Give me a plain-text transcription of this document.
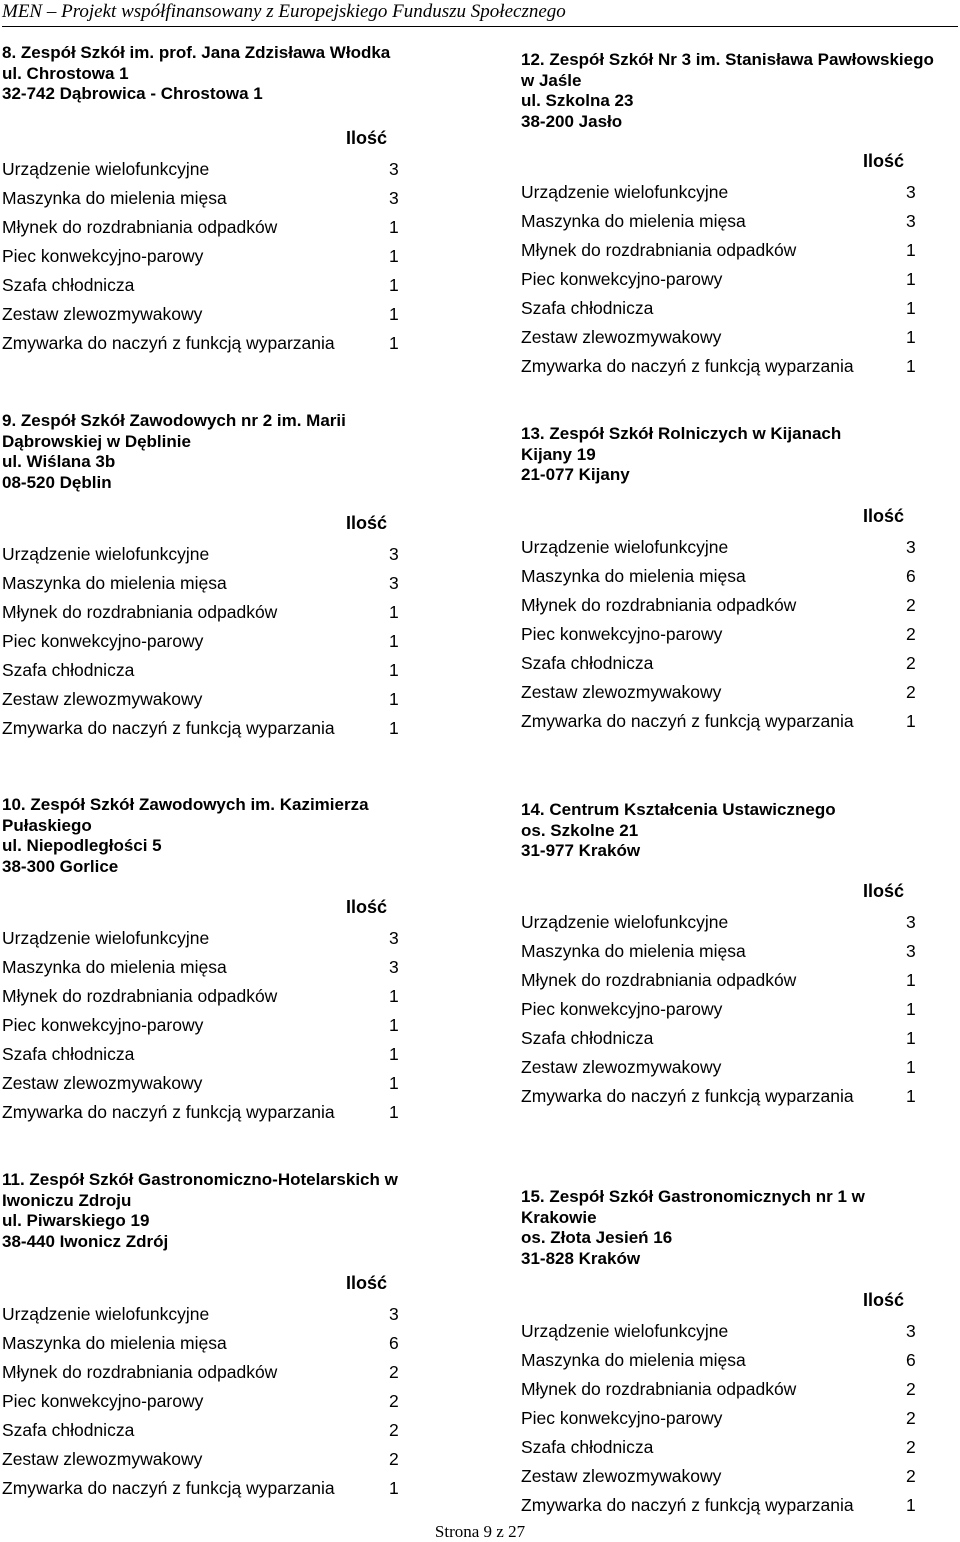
MEN – Projekt współfinansowany z Europejskiego Funduszu Społecznego
8. Zespół Szkół im. prof. Jana Zdzisława Włodka
ul. Chrostowa 1
32-742 Dąbrowica - Chrostowa 1
Ilość
Urządzenie wielofunkcyjne	3
Maszynka do mielenia mięsa	3
Młynek do rozdrabniania odpadków	1
Piec konwekcyjno-parowy	1
Szafa chłodnicza	1
Zestaw zlewozmywakowy	1
Zmywarka do naczyń z funkcją wyparzania	1
9. Zespół Szkół Zawodowych nr 2 im. Marii
Dąbrowskiej w Dęblinie
ul. Wiślana 3b
08-520 Dęblin
Ilość
Urządzenie wielofunkcyjne	3
Maszynka do mielenia mięsa	3
Młynek do rozdrabniania odpadków	1
Piec konwekcyjno-parowy	1
Szafa chłodnicza	1
Zestaw zlewozmywakowy	1
Zmywarka do naczyń z funkcją wyparzania	1
10. Zespół Szkół Zawodowych im. Kazimierza
Pułaskiego
ul. Niepodległości 5
38-300 Gorlice
Ilość
Urządzenie wielofunkcyjne	3
Maszynka do mielenia mięsa	3
Młynek do rozdrabniania odpadków	1
Piec konwekcyjno-parowy	1
Szafa chłodnicza	1
Zestaw zlewozmywakowy	1
Zmywarka do naczyń z funkcją wyparzania	1
11. Zespół Szkół Gastronomiczno-Hotelarskich w
Iwoniczu Zdroju
ul. Piwarskiego 19
38-440 Iwonicz Zdrój
Ilość
Urządzenie wielofunkcyjne	3
Maszynka do mielenia mięsa	6
Młynek do rozdrabniania odpadków	2
Piec konwekcyjno-parowy	2
Szafa chłodnicza	2
Zestaw zlewozmywakowy	2
Zmywarka do naczyń z funkcją wyparzania	1
12. Zespół Szkół Nr 3 im. Stanisława Pawłowskiego
w Jaśle
ul. Szkolna 23
38-200 Jasło
Ilość
Urządzenie wielofunkcyjne	3
Maszynka do mielenia mięsa	3
Młynek do rozdrabniania odpadków	1
Piec konwekcyjno-parowy	1
Szafa chłodnicza	1
Zestaw zlewozmywakowy	1
Zmywarka do naczyń z funkcją wyparzania	1
13. Zespół Szkół Rolniczych w Kijanach
Kijany 19
21-077 Kijany
Ilość
Urządzenie wielofunkcyjne	3
Maszynka do mielenia mięsa	6
Młynek do rozdrabniania odpadków	2
Piec konwekcyjno-parowy	2
Szafa chłodnicza	2
Zestaw zlewozmywakowy	2
Zmywarka do naczyń z funkcją wyparzania	1
14. Centrum Kształcenia Ustawicznego
os. Szkolne 21
31-977 Kraków
Ilość
Urządzenie wielofunkcyjne	3
Maszynka do mielenia mięsa	3
Młynek do rozdrabniania odpadków	1
Piec konwekcyjno-parowy	1
Szafa chłodnicza	1
Zestaw zlewozmywakowy	1
Zmywarka do naczyń z funkcją wyparzania	1
15. Zespół Szkół Gastronomicznych nr 1 w
Krakowie
os. Złota Jesień 16
31-828 Kraków
Ilość
Urządzenie wielofunkcyjne	3
Maszynka do mielenia mięsa	6
Młynek do rozdrabniania odpadków	2
Piec konwekcyjno-parowy	2
Szafa chłodnicza	2
Zestaw zlewozmywakowy	2
Zmywarka do naczyń z funkcją wyparzania	1
Strona 9 z 27
